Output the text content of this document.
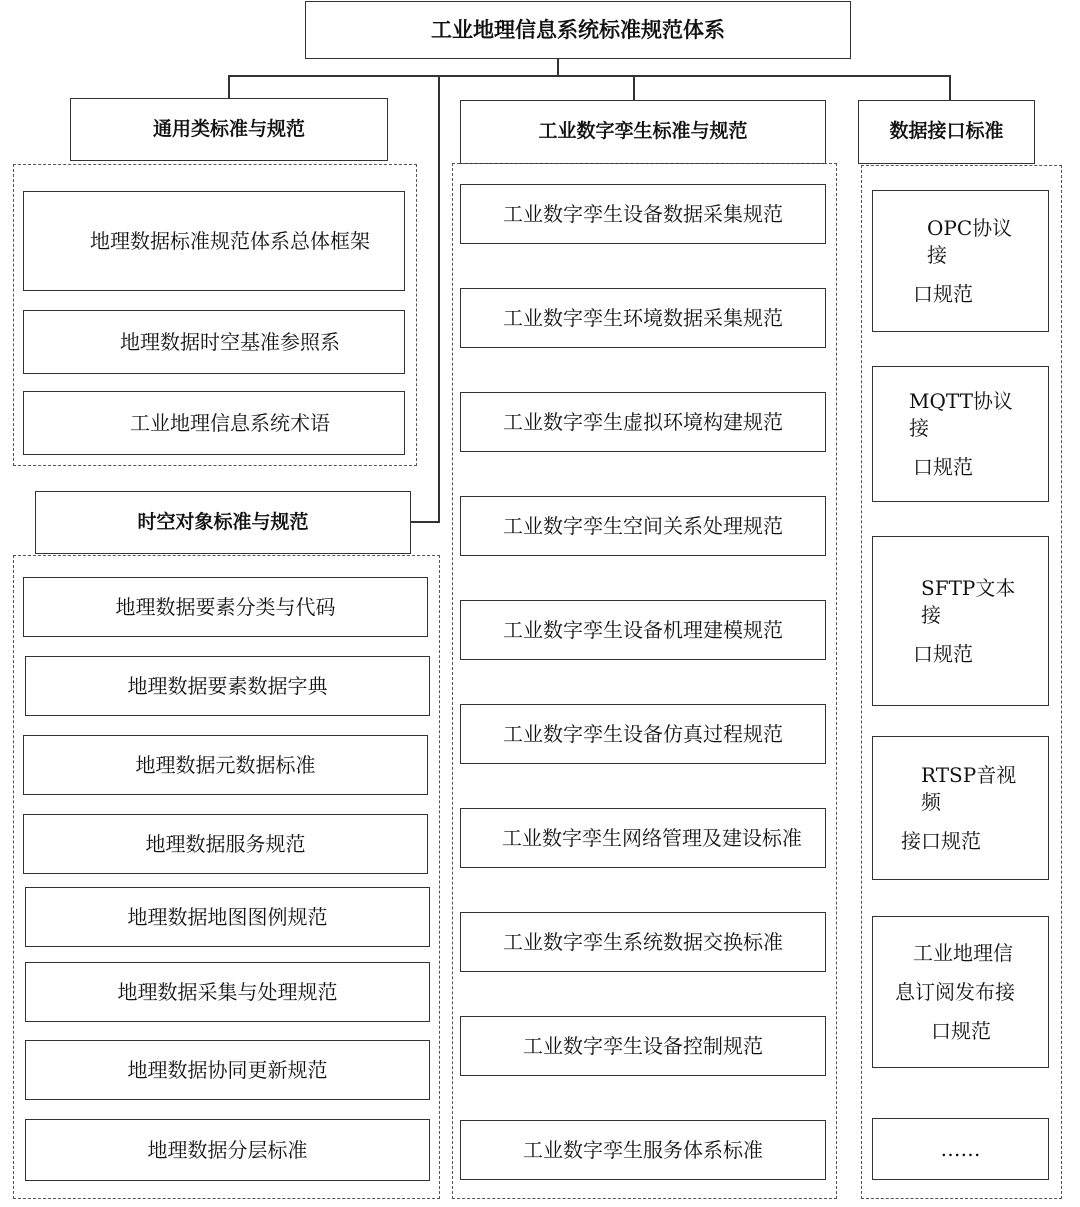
工业地理信息系统标准规范体系
通用类标准与规范
地理数据标准规范体系总体框架
地理数据时空基准参照系
工业地理信息系统术语
时空对象标准与规范
地理数据要素分类与代码
地理数据要素数据字典
地理数据元数据标准
地理数据服务规范
地理数据地图图例规范
地理数据采集与处理规范
地理数据协同更新规范
地理数据分层标准
工业数字孪生标准与规范
工业数字孪生设备数据采集规范
工业数字孪生环境数据采集规范
工业数字孪生虚拟环境构建规范
工业数字孪生空间关系处理规范
工业数字孪生设备机理建模规范
工业数字孪生设备仿真过程规范
工业数字孪生网络管理及建设标准
工业数字孪生系统数据交换标准
工业数字孪生设备控制规范
工业数字孪生服务体系标准
数据接口标准
OPC协议接
口规范
MQTT协议接
口规范
SFTP文本接
口规范
RTSP音视频
接口规范
工业地理信
息订阅发布接
口规范
……
